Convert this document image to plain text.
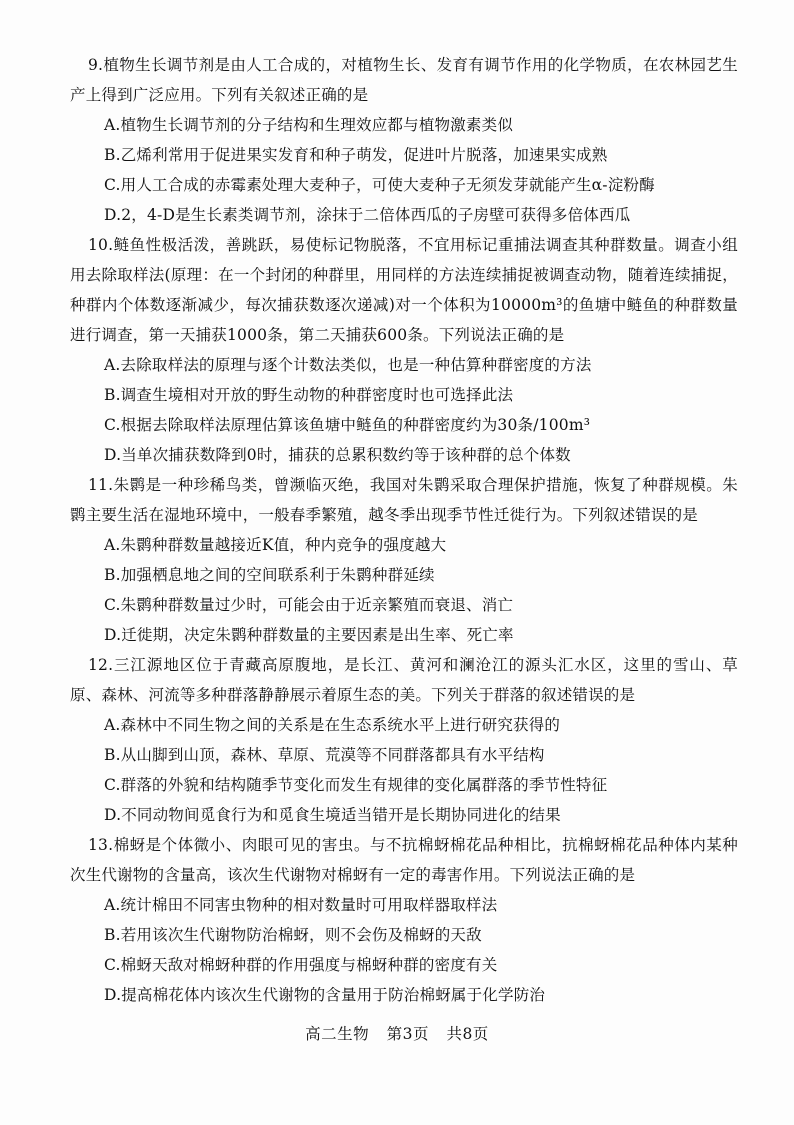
9.植物生长调节剂是由人工合成的，对植物生长、发育有调节作用的化学物质，在农林园艺生产上得到广泛应用。下列有关叙述正确的是

A.植物生长调节剂的分子结构和生理效应都与植物激素类似

B.乙烯利常用于促进果实发育和种子萌发，促进叶片脱落，加速果实成熟

C.用人工合成的赤霉素处理大麦种子，可使大麦种子无须发芽就能产生α-淀粉酶

D.2，4-D是生长素类调节剂，涂抹于二倍体西瓜的子房壁可获得多倍体西瓜

10.鲢鱼性极活泼，善跳跃，易使标记物脱落，不宜用标记重捕法调查其种群数量。调查小组用去除取样法(原理：在一个封闭的种群里，用同样的方法连续捕捉被调查动物，随着连续捕捉，种群内个体数逐渐减少，每次捕获数逐次递减)对一个体积为10000m³的鱼塘中鲢鱼的种群数量进行调查，第一天捕获1000条，第二天捕获600条。下列说法正确的是

A.去除取样法的原理与逐个计数法类似，也是一种估算种群密度的方法

B.调查生境相对开放的野生动物的种群密度时也可选择此法

C.根据去除取样法原理估算该鱼塘中鲢鱼的种群密度约为30条/100m³

D.当单次捕获数降到0时，捕获的总累积数约等于该种群的总个体数

11.朱鹮是一种珍稀鸟类，曾濒临灭绝，我国对朱鹮采取合理保护措施，恢复了种群规模。朱鹮主要生活在湿地环境中，一般春季繁殖，越冬季出现季节性迁徙行为。下列叙述错误的是

A.朱鹮种群数量越接近K值，种内竞争的强度越大

B.加强栖息地之间的空间联系利于朱鹮种群延续

C.朱鹮种群数量过少时，可能会由于近亲繁殖而衰退、消亡

D.迁徙期，决定朱鹮种群数量的主要因素是出生率、死亡率

12.三江源地区位于青藏高原腹地，是长江、黄河和澜沧江的源头汇水区，这里的雪山、草原、森林、河流等多种群落静静展示着原生态的美。下列关于群落的叙述错误的是

A.森林中不同生物之间的关系是在生态系统水平上进行研究获得的

B.从山脚到山顶，森林、草原、荒漠等不同群落都具有水平结构

C.群落的外貌和结构随季节变化而发生有规律的变化属群落的季节性特征

D.不同动物间觅食行为和觅食生境适当错开是长期协同进化的结果

13.棉蚜是个体微小、肉眼可见的害虫。与不抗棉蚜棉花品种相比，抗棉蚜棉花品种体内某种次生代谢物的含量高，该次生代谢物对棉蚜有一定的毒害作用。下列说法正确的是

A.统计棉田不同害虫物种的相对数量时可用取样器取样法

B.若用该次生代谢物防治棉蚜，则不会伤及棉蚜的天敌

C.棉蚜天敌对棉蚜种群的作用强度与棉蚜种群的密度有关

D.提高棉花体内该次生代谢物的含量用于防治棉蚜属于化学防治

高二生物 第3页 共8页
